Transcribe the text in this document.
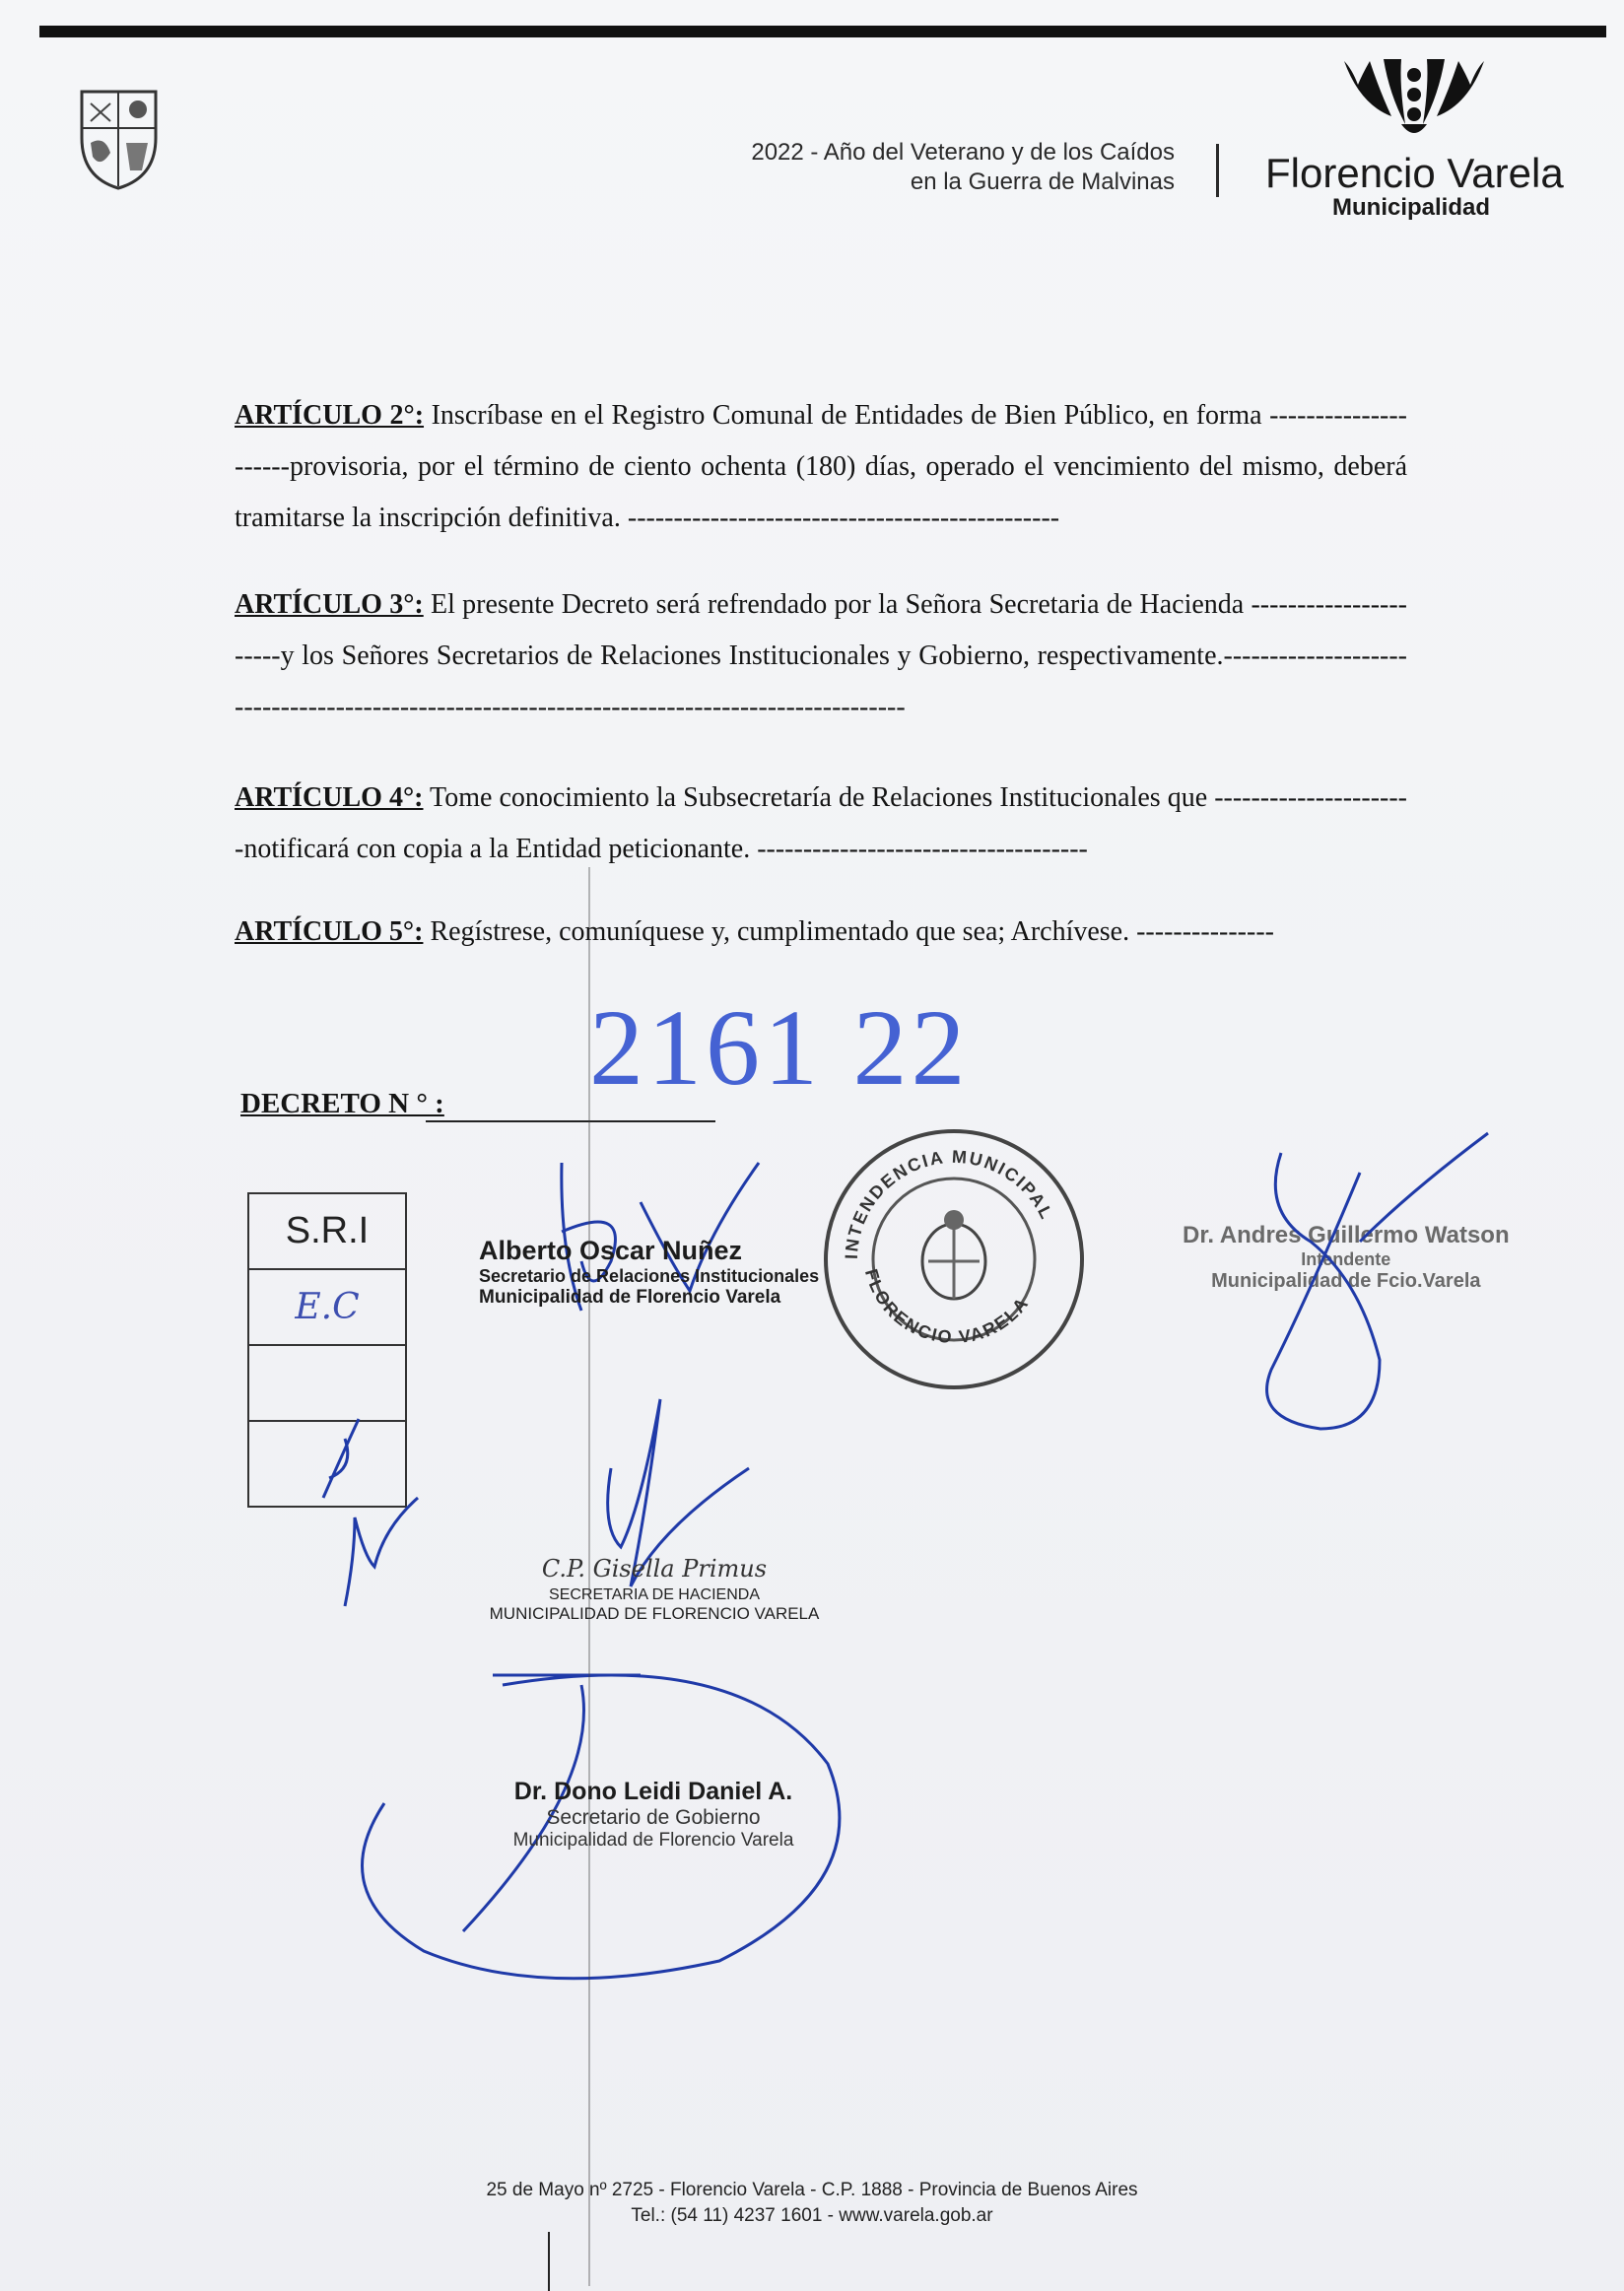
2022 - Año del Veterano y de los Caídos
en la Guerra de Malvinas Florencio Varela
Municipalidad
ARTÍCULO 2°: Inscríbase en el Registro Comunal de Entidades de Bien Público, en forma ---------------------provisoria, por el término de ciento ochenta (180) días, operado el vencimiento del mismo, deberá tramitarse la inscripción definitiva. -----------------------------------------------
ARTÍCULO 3°: El presente Decreto será refrendado por la Señora Secretaria de Hacienda ----------------------y los Señores Secretarios de Relaciones Institucionales y Gobierno, respectivamente.---------------------------------------------------------------------------------------------
ARTÍCULO 4°: Tome conocimiento la Subsecretaría de Relaciones Institucionales que ----------------------notificará con copia a la Entidad peticionante. ------------------------------------
ARTÍCULO 5°: Regístrese, comuníquese y, cumplimentado que sea; Archívese. ---------------
DECRETO N ° : 2161 22
S.R.I
E.C
Alberto Oscar Nuñez
Secretario de Relaciones Institucionales
Municipalidad de Florencio Varela
INTENDENCIA MUNICIPAL
FLORENCIO VARELA
Dr. Andres Guillermo Watson
Intendente
Municipalidad de Fcio.Varela
C.P. Gisella Primus
SECRETARIA DE HACIENDA
MUNICIPALIDAD DE FLORENCIO VARELA
Dr. Dono Leidi Daniel A.
Secretario de Gobierno
Municipalidad de Florencio Varela
25 de Mayo nº 2725 - Florencio Varela - C.P. 1888 - Provincia de Buenos Aires
Tel.: (54 11) 4237 1601 - www.varela.gob.ar
